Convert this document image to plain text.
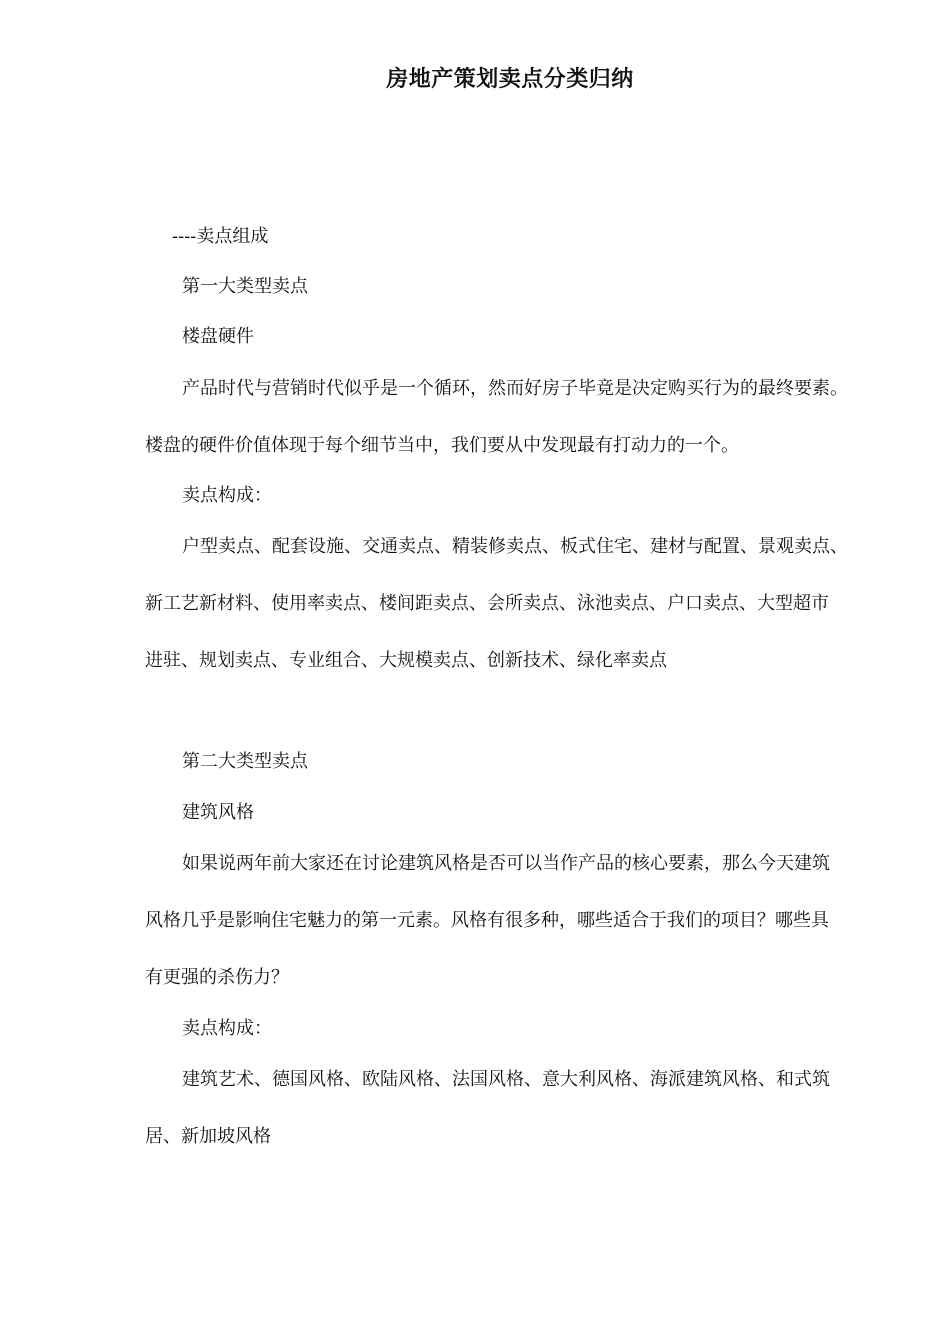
房地产策划卖点分类归纳
----卖点组成
第一大类型卖点
楼盘硬件
产品时代与营销时代似乎是一个循环，然而好房子毕竟是决定购买行为的最终要素。
楼盘的硬件价值体现于每个细节当中，我们要从中发现最有打动力的一个。
卖点构成：
户型卖点、配套设施、交通卖点、精装修卖点、板式住宅、建材与配置、景观卖点、
新工艺新材料、使用率卖点、楼间距卖点、会所卖点、泳池卖点、户口卖点、大型超市
进驻、规划卖点、专业组合、大规模卖点、创新技术、绿化率卖点
第二大类型卖点
建筑风格
如果说两年前大家还在讨论建筑风格是否可以当作产品的核心要素，那么今天建筑
风格几乎是影响住宅魅力的第一元素。风格有很多种，哪些适合于我们的项目？哪些具
有更强的杀伤力？
卖点构成：
建筑艺术、德国风格、欧陆风格、法国风格、意大利风格、海派建筑风格、和式筑
居、新加坡风格
